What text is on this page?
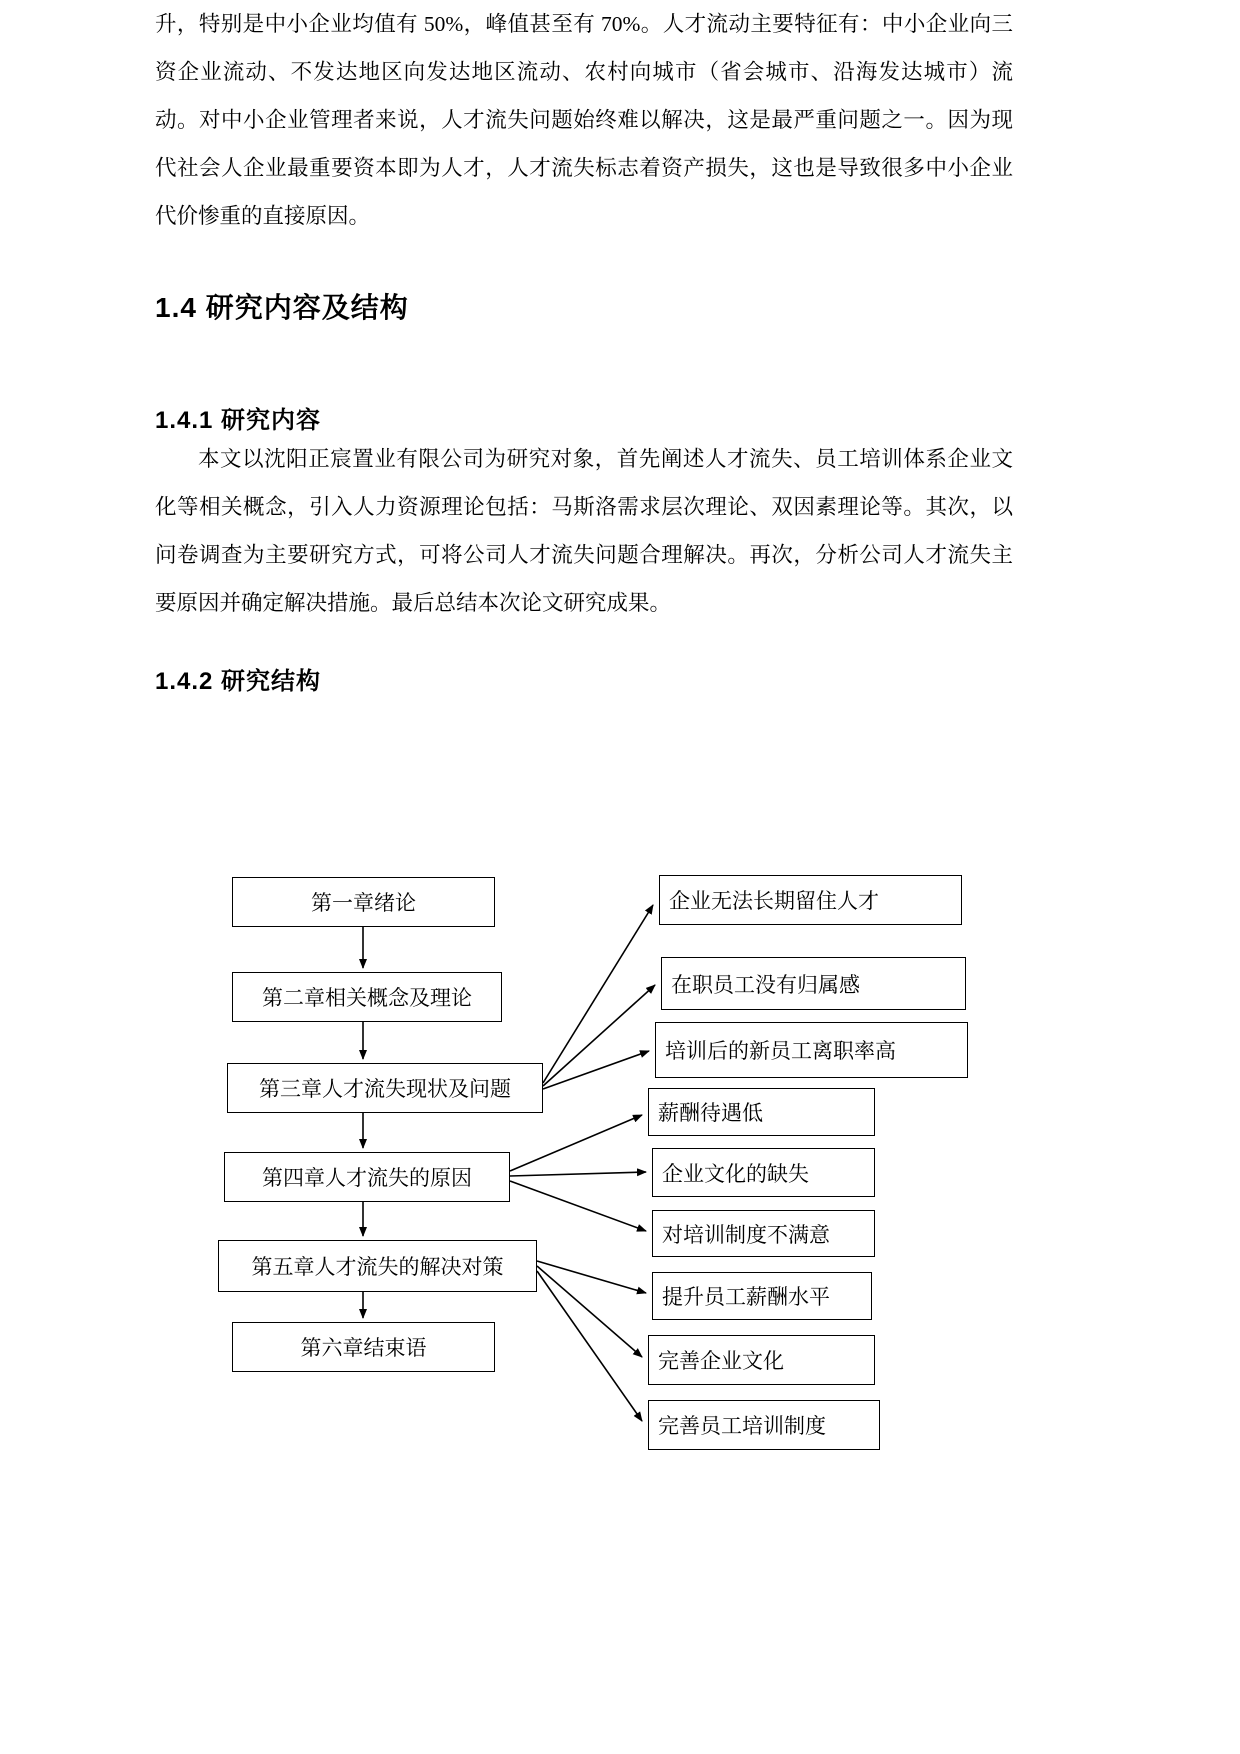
升，特别是中小企业均值有 50%，峰值甚至有 70%。人才流动主要特征有：中小企业向三资企业流动、不发达地区向发达地区流动、农村向城市（省会城市、沿海发达城市）流动。对中小企业管理者来说，人才流失问题始终难以解决，这是最严重问题之一。因为现代社会人企业最重要资本即为人才，人才流失标志着资产损失，这也是导致很多中小企业代价惨重的直接原因。

1.4 研究内容及结构
1.4.1 研究内容

本文以沈阳正宸置业有限公司为研究对象，首先阐述人才流失、员工培训体系企业文化等相关概念，引入人力资源理论包括：马斯洛需求层次理论、双因素理论等。其次，以问卷调查为主要研究方式，可将公司人才流失问题合理解决。再次，分析公司人才流失主要原因并确定解决措施。最后总结本次论文研究成果。

1.4.2 研究结构
第一章绪论
第二章相关概念及理论
第三章人才流失现状及问题
第四章人才流失的原因
第五章人才流失的解决对策
第六章结束语
企业无法长期留住人才
在职员工没有归属感
培训后的新员工离职率高
薪酬待遇低
企业文化的缺失
对培训制度不满意
提升员工薪酬水平
完善企业文化
完善员工培训制度
